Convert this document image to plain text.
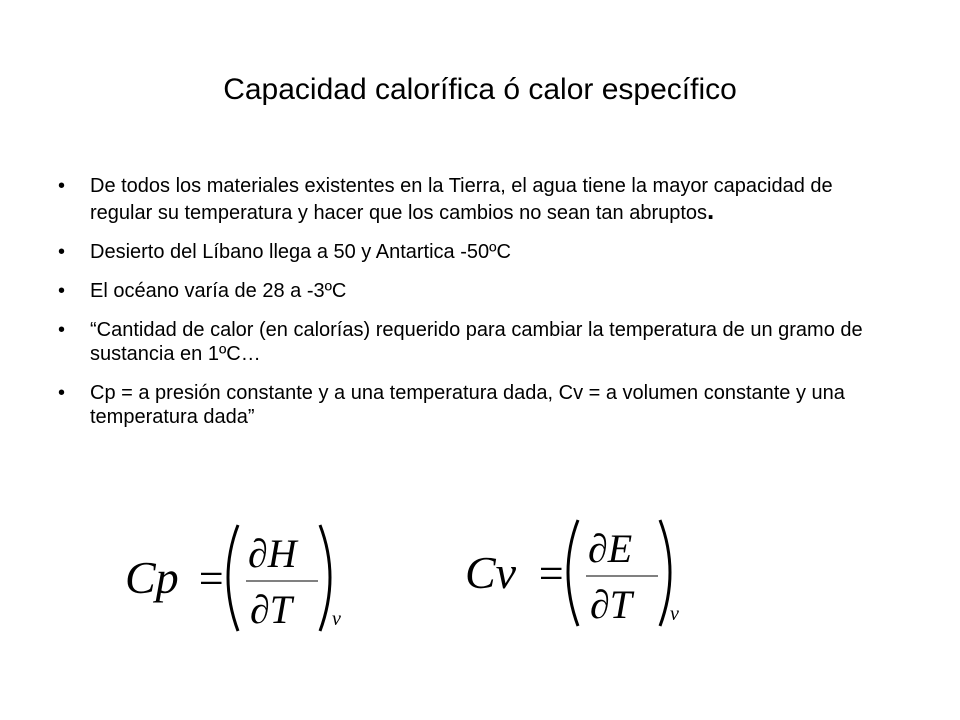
Capacidad calorífica ó calor específico
•	De todos los materiales existentes en la Tierra, el agua tiene la mayor capacidad de regular su temperatura y hacer que los cambios no sean tan abruptos.
•	Desierto del Líbano llega a 50 y Antartica -50ºC
•	El océano varía de 28 a -3ºC
•	“Cantidad de calor (en calorías) requerido para cambiar la temperatura de un gramo de sustancia en 1ºC…
•	Cp = a presión constante y a una temperatura dada, Cv = a volumen constante y una temperatura dada”
Cp =
∂H
∂T v
Cv =
∂E
∂T v
